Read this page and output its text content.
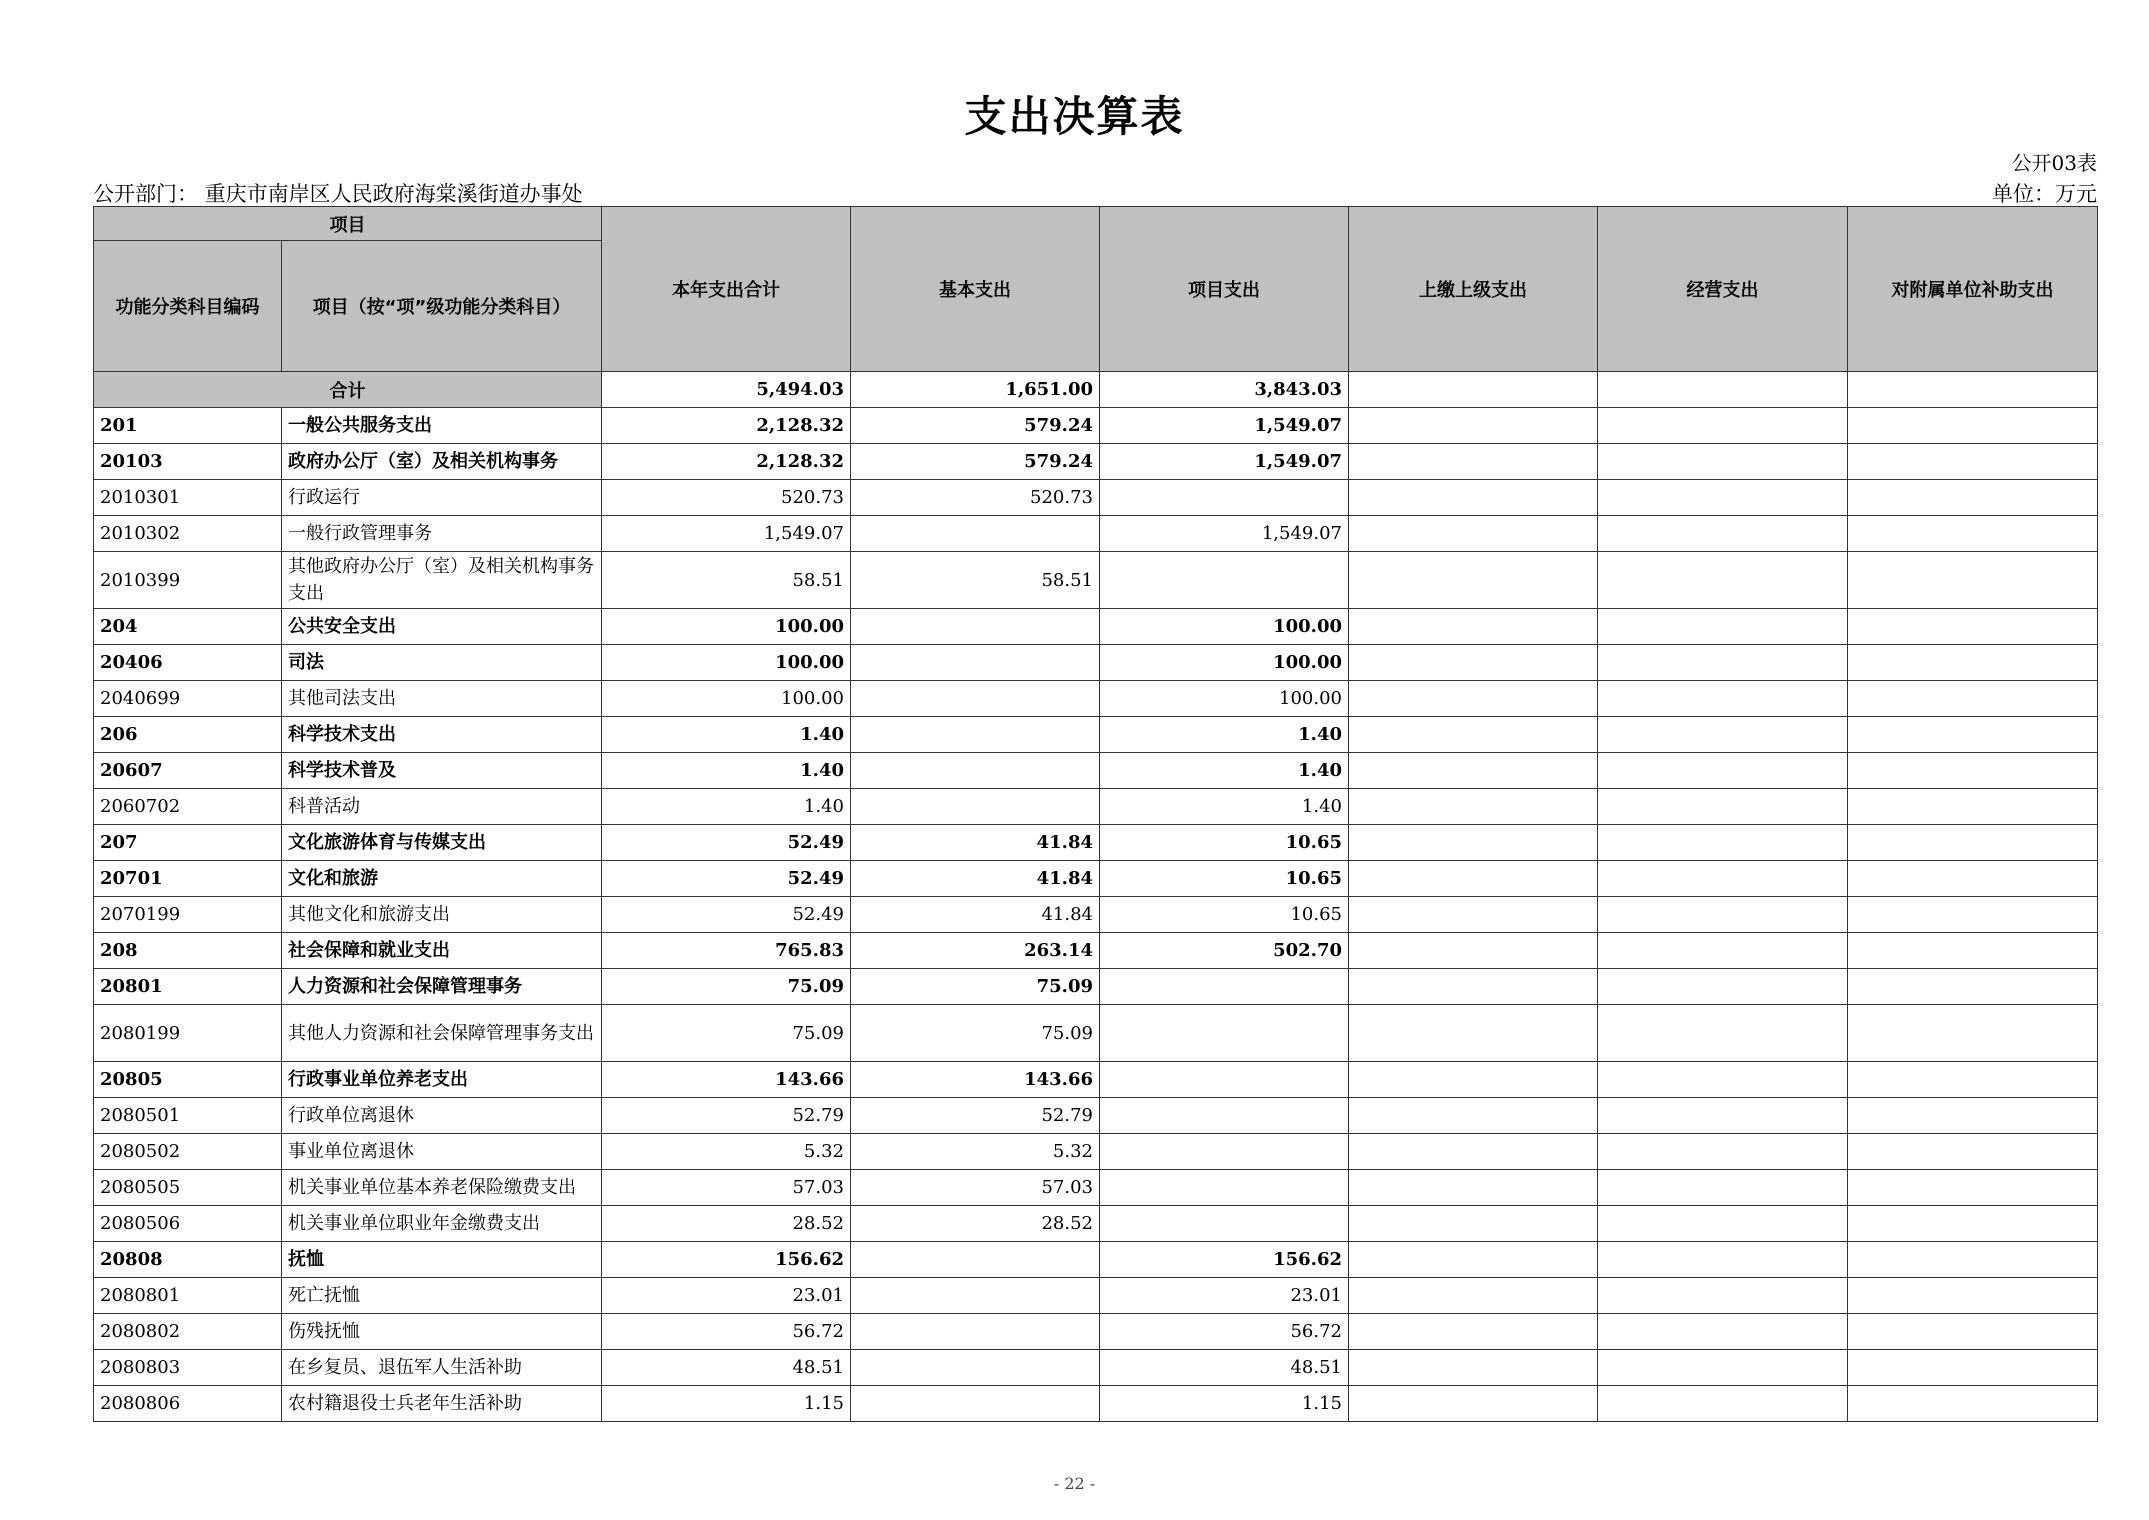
支出决算表
公开03表
公开部门： 重庆市南岸区人民政府海棠溪街道办事处	单位：万元
项目		本年支出合计	基本支出	项目支出	上缴上级支出	经营支出	对附属单位补助支出
功能分类科目编码	项目（按“项”级功能分类科目）						
合计		5,494.03	1,651.00	3,843.03			
201	一般公共服务支出	2,128.32	579.24	1,549.07			
20103	政府办公厅（室）及相关机构事务	2,128.32	579.24	1,549.07			
2010301	行政运行	520.73	520.73				
2010302	一般行政管理事务	1,549.07		1,549.07			
2010399	其他政府办公厅（室）及相关机构事务支出	58.51	58.51				
204	公共安全支出	100.00		100.00			
20406	司法	100.00		100.00			
2040699	其他司法支出	100.00		100.00			
206	科学技术支出	1.40		1.40			
20607	科学技术普及	1.40		1.40			
2060702	科普活动	1.40		1.40			
207	文化旅游体育与传媒支出	52.49	41.84	10.65			
20701	文化和旅游	52.49	41.84	10.65			
2070199	其他文化和旅游支出	52.49	41.84	10.65			
208	社会保障和就业支出	765.83	263.14	502.70			
20801	人力资源和社会保障管理事务	75.09	75.09				
2080199	其他人力资源和社会保障管理事务支出	75.09	75.09				
20805	行政事业单位养老支出	143.66	143.66				
2080501	行政单位离退休	52.79	52.79				
2080502	事业单位离退休	5.32	5.32				
2080505	机关事业单位基本养老保险缴费支出	57.03	57.03				
2080506	机关事业单位职业年金缴费支出	28.52	28.52				
20808	抚恤	156.62		156.62			
2080801	死亡抚恤	23.01		23.01			
2080802	伤残抚恤	56.72		56.72			
2080803	在乡复员、退伍军人生活补助	48.51		48.51			
2080806	农村籍退役士兵老年生活补助	1.15		1.15			
- 22 -
